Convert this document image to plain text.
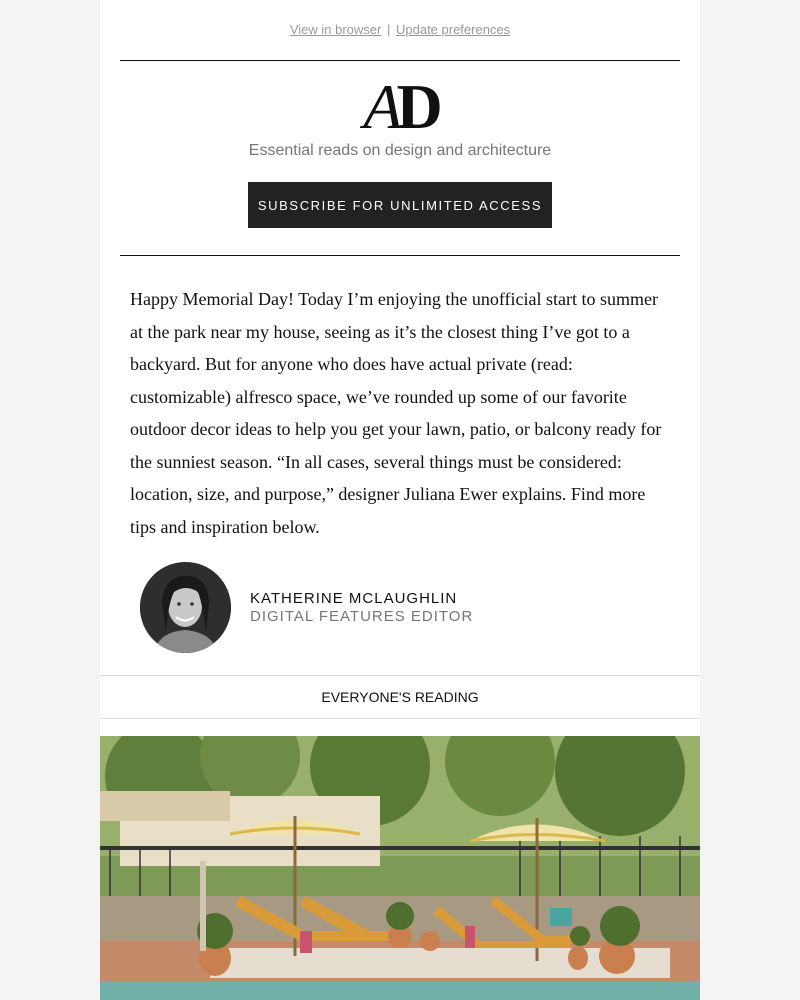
View in browser | Update preferences
AD
Essential reads on design and architecture
SUBSCRIBE FOR UNLIMITED ACCESS

Happy Memorial Day! Today I’m enjoying the unofficial start to summer at the park near my house, seeing as it’s the closest thing I’ve got to a backyard. But for anyone who does have actual private (read: customizable) alfresco space, we’ve rounded up some of our favorite outdoor decor ideas to help you get your lawn, patio, or balcony ready for the sunniest season. “In all cases, several things must be considered: location, size, and purpose,” designer Juliana Ewer explains. Find more tips and inspiration below.

KATHERINE MCLAUGHLIN
DIGITAL FEATURES EDITOR
EVERYONE'S READING
